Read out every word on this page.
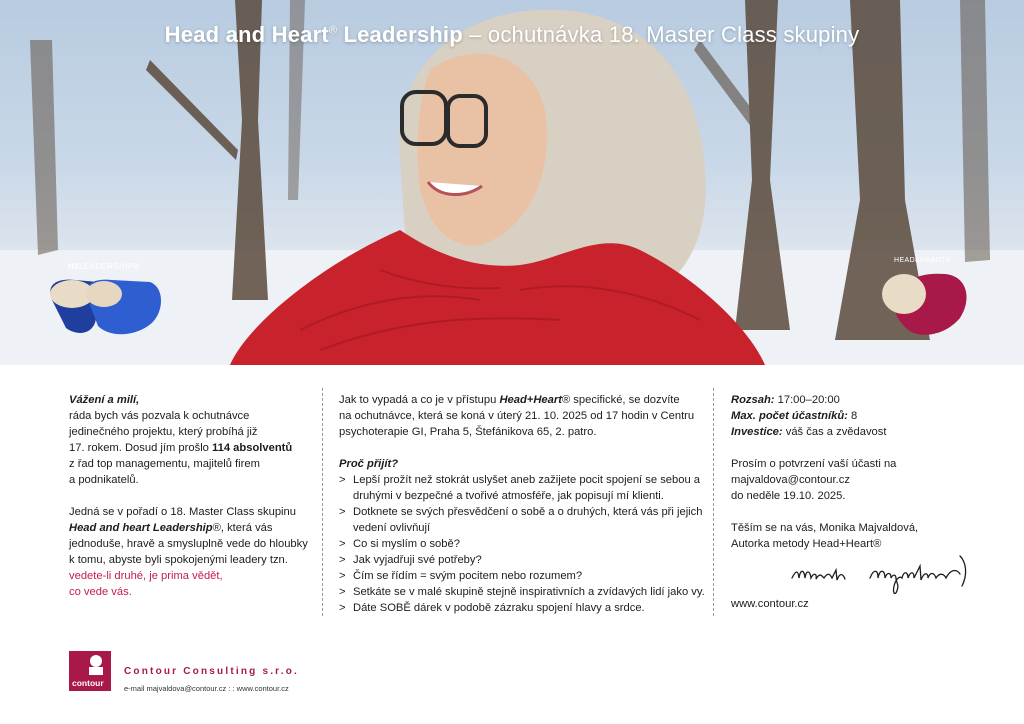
Head and Heart® Leadership – ochutnávka 18. Master Class skupiny
H2LEADERSHIP®
HEAD&HEART®

Vážení a milí,

ráda bych vás pozvala k ochutnávce

jedinečného projektu, který probíhá již

17. rokem. Dosud jím prošlo 114 absolventů

z řad top managementu, majitelů firem

a podnikatelů.

Jedná se v pořadí o 18. Master Class skupinu

Head and heart Leadership®, která vás

jednoduše, hravě a smysluplně vede do hloubky

k tomu, abyste byli spokojenými leadery tzn.

vedete-li druhé, je prima vědět,

co vede vás.

Jak to vypadá a co je v přístupu Head+Heart® specifické, se dozvíte

na ochutnávce, která se koná v úterý 21. 10. 2025 od 17 hodin v Centru

psychoterapie GI, Praha 5, Štefánikova 65, 2. patro.

Proč přijít?

> Lepší prožít než stokrát uslyšet aneb zažijete pocit spojení se sebou a druhými v bezpečné a tvořivé atmosféře, jak popisují mí klienti.
> Dotknete se svých přesvědčení o sobě a o druhých, která vás při jejich vedení ovlivňují
> Co si myslím o sobě?
> Jak vyjadřuji své potřeby?
> Čím se řídím = svým pocitem nebo rozumem?
> Setkáte se v malé skupině stejně inspirativních a zvídavých lidí jako vy.
> Dáte SOBĚ dárek v podobě zázraku spojení hlavy a srdce.

Rozsah: 17:00–20:00

Max. počet účastníků: 8

Investice: váš čas a zvědavost

Prosím o potvrzení vaší účasti na

majvaldova@contour.cz

do neděle 19.10. 2025.

Těším se na vás, Monika Majvaldová,

Autorka metody Head+Heart®

www.contour.cz
contour
Contour Consulting s.r.o.
e-mail majvaldova@contour.cz : : www.contour.cz
